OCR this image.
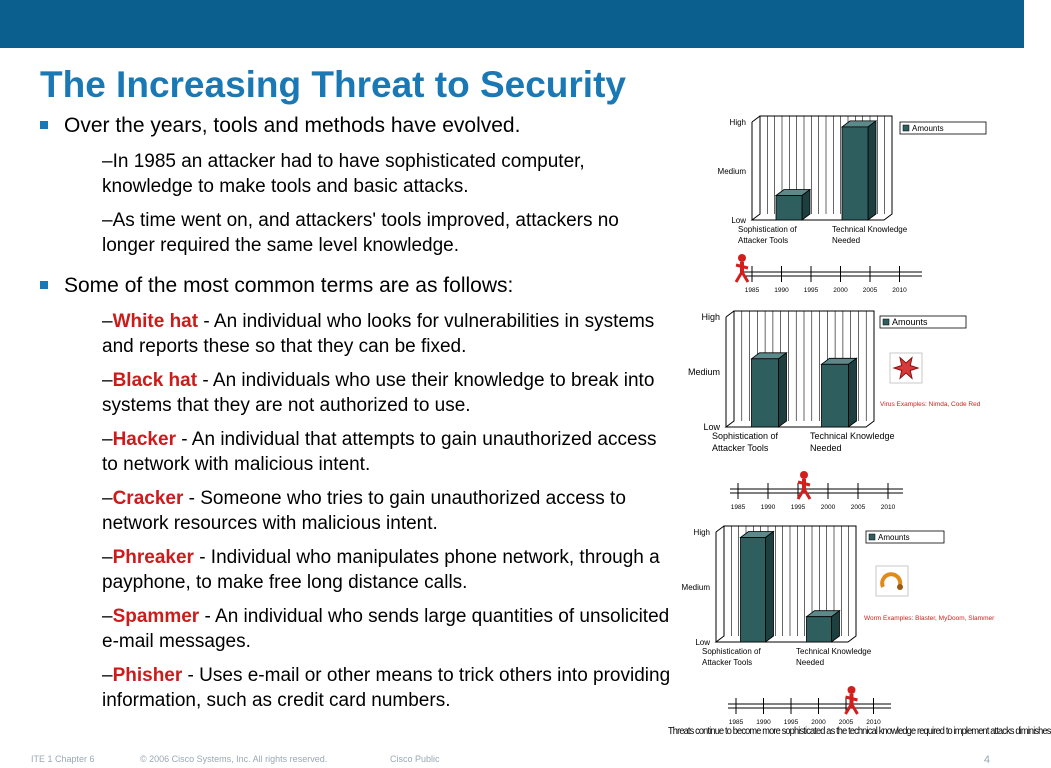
The Increasing Threat to Security
Over the years, tools and methods have evolved.
–In 1985 an attacker had to have sophisticated computer, knowledge to make tools and basic attacks.
–As time went on, and attackers' tools improved, attackers no longer required the same level knowledge.
Some of the most common terms are as follows:
–White hat - An individual who looks for vulnerabilities in systems and reports these so that they can be fixed.
–Black hat - An individuals who use their knowledge to break into systems that they are not authorized to use.
–Hacker - An individual that attempts to gain unauthorized access to network with malicious intent.
–Cracker - Someone who tries to gain unauthorized access to network resources with malicious intent.
–Phreaker - Individual who manipulates phone network, through a payphone, to make free long distance calls.
–Spammer - An individual who sends large quantities of unsolicited e-mail messages.
–Phisher - Uses e-mail or other means to trick others into providing information, such as credit card numbers.
Low
Medium
High
Sophistication of
Attacker Tools
Technical Knowledge
Needed
Amounts
1985 1990 1995 2000 2005 2010
Low
Medium
High
Sophistication of
Attacker Tools
Technical Knowledge
Needed
Amounts
Virus Examples: Nimda, Code Red
1985 1990 1995 2000 2005 2010
Low
Medium
High
Sophistication of
Attacker Tools
Technical Knowledge
Needed
Amounts
Worm Examples: Blaster, MyDoom, Slammer
1985 1990 1995 2000 2005 2010
Threats continue to become more sophisticated as the technical knowledge required to implement attacks diminishes
ITE 1 Chapter 6	© 2006 Cisco Systems, Inc. All rights reserved.	Cisco Public	4
